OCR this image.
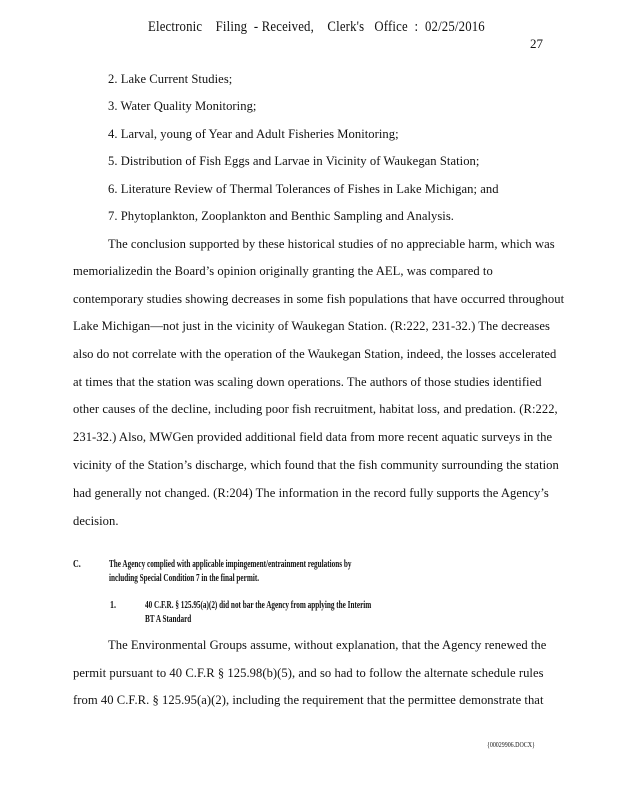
Electronic    Filing  - Received,    Clerk's   Office  :  02/25/2016
27
2. Lake Current Studies;
3. Water Quality Monitoring;
4. Larval, young of Year and Adult Fisheries Monitoring;
5. Distribution of Fish Eggs and Larvae in Vicinity of Waukegan Station;
6. Literature Review of Thermal Tolerances of Fishes in Lake Michigan; and
7. Phytoplankton, Zooplankton and Benthic Sampling and Analysis.
The conclusion supported by these historical studies of no appreciable harm, which was
memorializedin the Board’s opinion originally granting the AEL, was compared to
contemporary studies showing decreases in some fish populations that have occurred throughout
Lake Michigan—not just in the vicinity of Waukegan Station. (R:222, 231-32.) The decreases
also do not correlate with the operation of the Waukegan Station, indeed, the losses accelerated
at times that the station was scaling down operations. The authors of those studies identified
other causes of the decline, including poor fish recruitment, habitat loss, and predation. (R:222,
231-32.) Also, MWGen provided additional field data from more recent aquatic surveys in the
vicinity of the Station’s discharge, which found that the fish community surrounding the station
had generally not changed. (R:204) The information in the record fully supports the Agency’s
decision.
C.	The Agency complied with applicable impingement/entrainment regulations by
including Special Condition 7 in the final permit.
1.	40 C.F.R. § 125.95(a)(2) did not bar the Agency from applying the Interim
BT A Standard
The Environmental Groups assume, without explanation, that the Agency renewed the
permit pursuant to 40 C.F.R § 125.98(b)(5), and so had to follow the alternate schedule rules
from 40 C.F.R. § 125.95(a)(2), including the requirement that the permittee demonstrate that
{00029906.DOCX}
